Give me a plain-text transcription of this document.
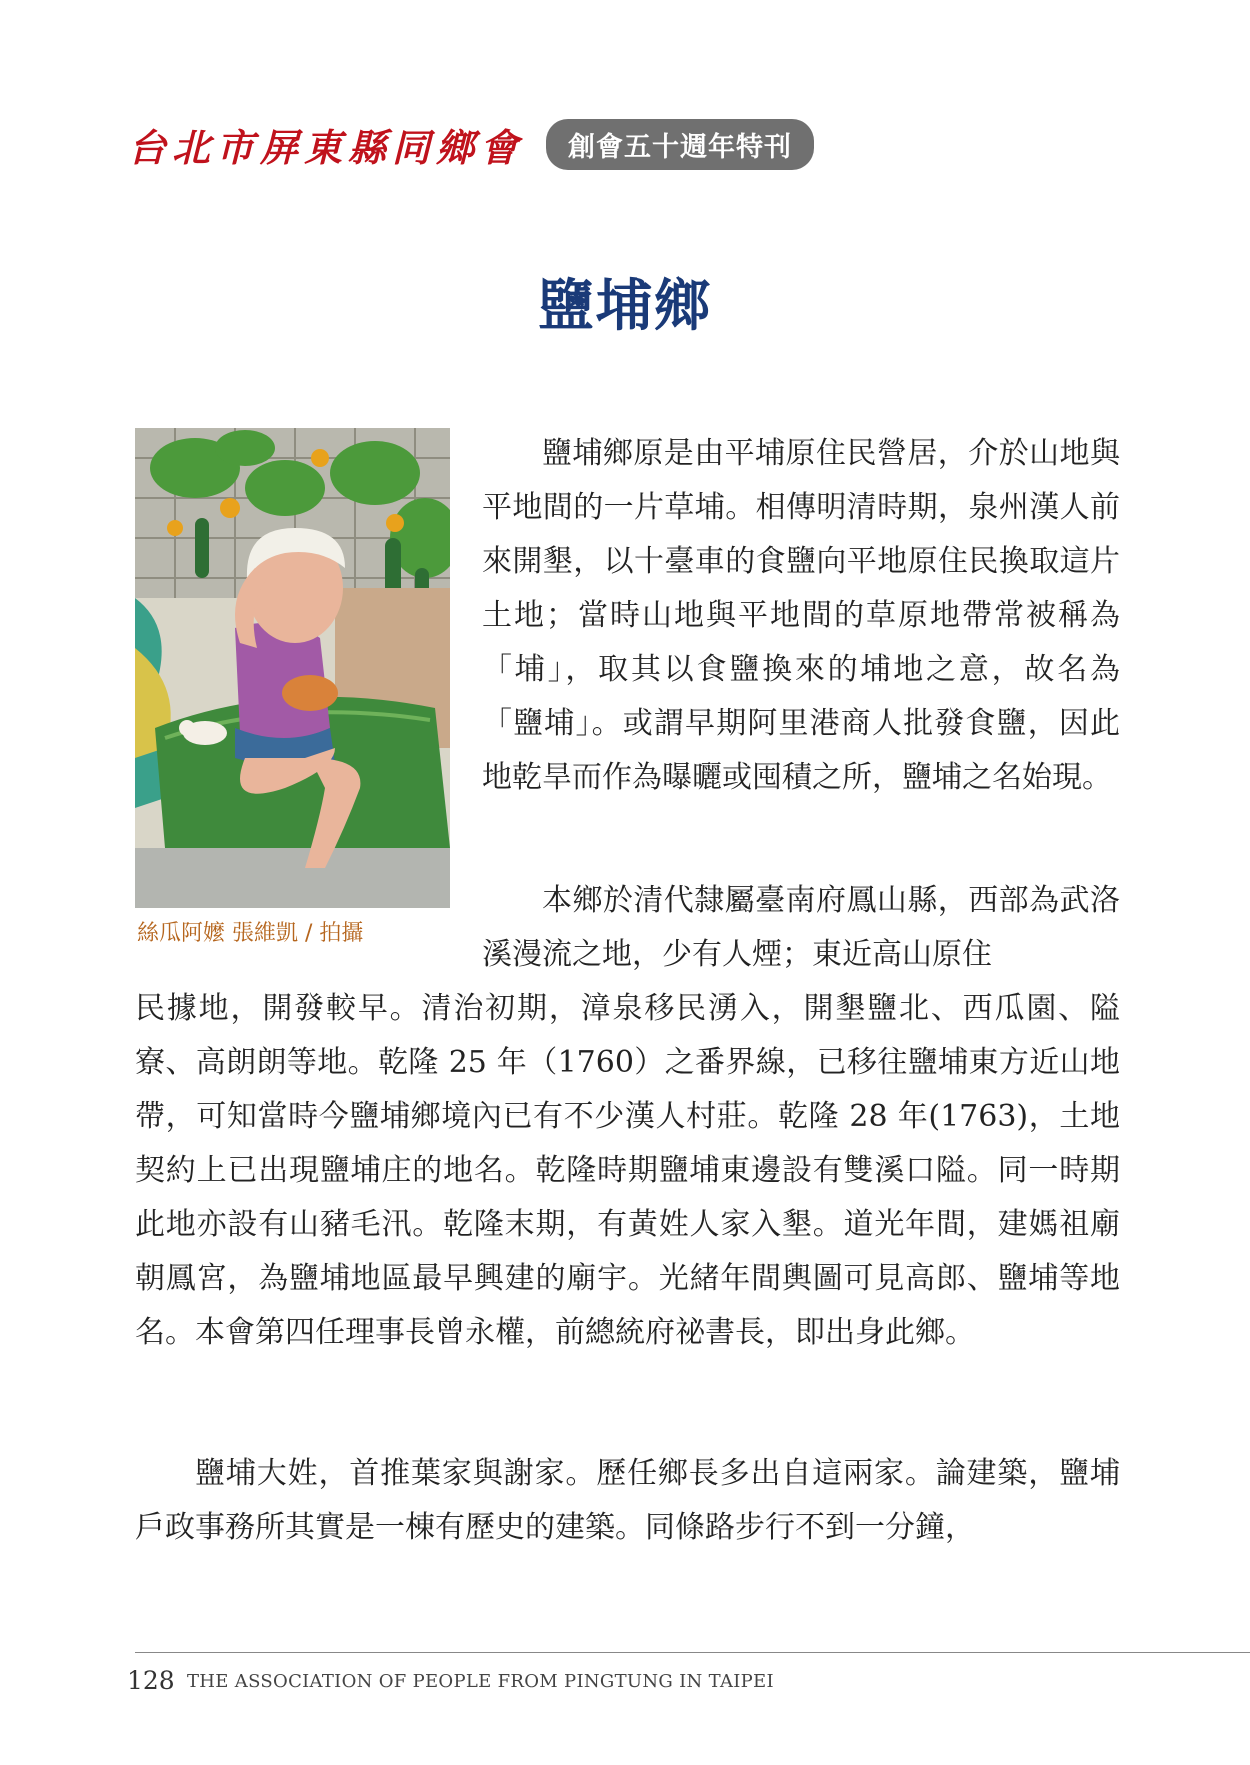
台北市屏東縣同鄉會	創會五十週年特刊
鹽埔鄉
絲瓜阿嬤 張維凱 / 拍攝

鹽埔鄉原是由平埔原住民營居，介於山地與平地間的一片草埔。相傳明清時期，泉州漢人前來開墾，以十臺車的食鹽向平地原住民換取這片土地；當時山地與平地間的草原地帶常被稱為「埔」，取其以食鹽換來的埔地之意，故名為「鹽埔」。或謂早期阿里港商人批發食鹽，因此地乾旱而作為曝曬或囤積之所，鹽埔之名始現。

本鄉於清代隸屬臺南府鳳山縣，西部為武洛溪漫流之地，少有人煙；東近高山原住

民據地，開發較早。清治初期，漳泉移民湧入，開墾鹽北、西瓜園、隘寮、高朗朗等地。乾隆 25 年（1760）之番界線，已移往鹽埔東方近山地帶，可知當時今鹽埔鄉境內已有不少漢人村莊。乾隆 28 年(1763)，土地契約上已出現鹽埔庄的地名。乾隆時期鹽埔東邊設有雙溪口隘。同一時期此地亦設有山豬毛汛。乾隆末期，有黃姓人家入墾。道光年間，建媽祖廟朝鳳宮，為鹽埔地區最早興建的廟宇。光緒年間輿圖可見高郎、鹽埔等地名。本會第四任理事長曾永權，前總統府祕書長，即出身此鄉。

鹽埔大姓，首推葉家與謝家。歷任鄉長多出自這兩家。論建築，鹽埔戶政事務所其實是一棟有歷史的建築。同條路步行不到一分鐘，

128 THE ASSOCIATION OF PEOPLE FROM PINGTUNG IN TAIPEI
